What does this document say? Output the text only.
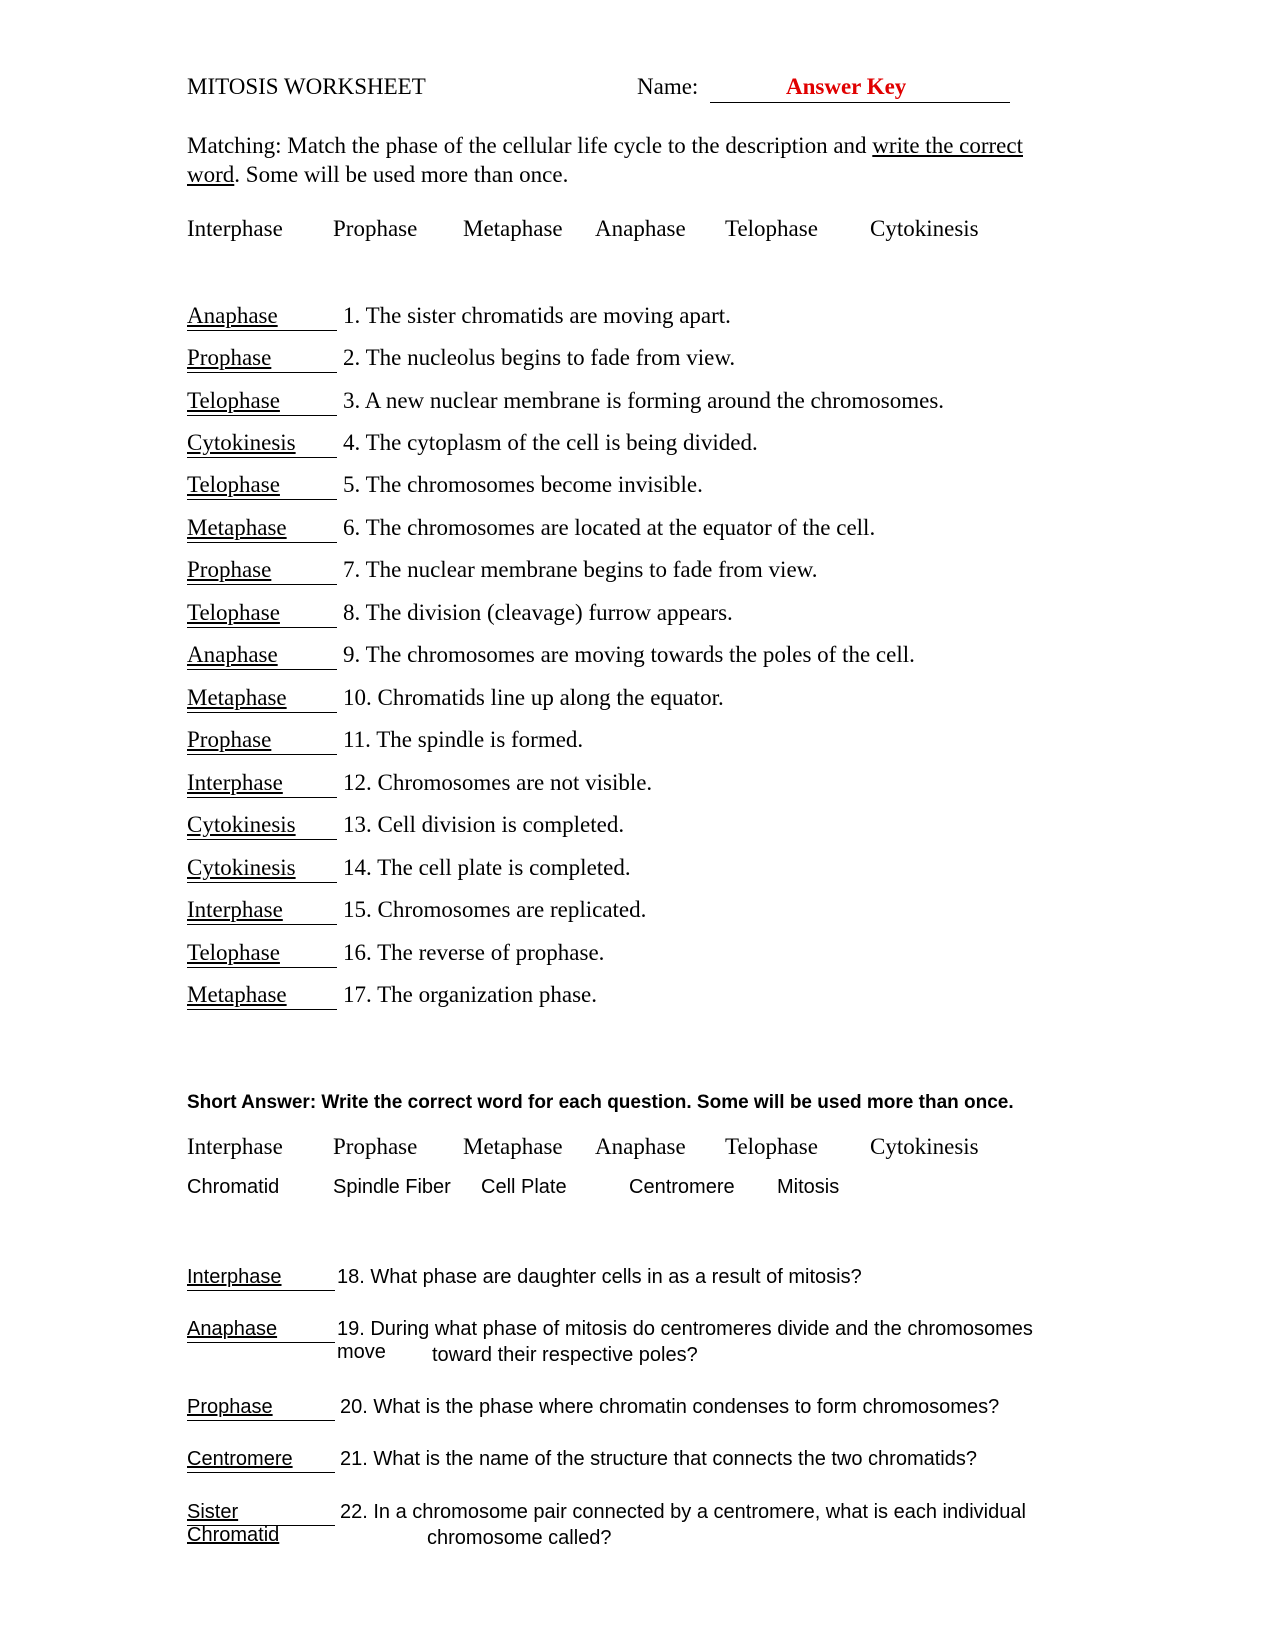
MITOSIS WORKSHEET	Name:	Answer Key
Matching: Match the phase of the cellular life cycle to the description and write the correct word. Some will be used more than once.
Interphase Prophase Metaphase Anaphase Telophase Cytokinesis
Anaphase	1. The sister chromatids are moving apart.
Prophase	2. The nucleolus begins to fade from view.
Telophase	3. A new nuclear membrane is forming around the chromosomes.
Cytokinesis 4. The cytoplasm of the cell is being divided.
Telophase	5. The chromosomes become invisible.
Metaphase 6. The chromosomes are located at the equator of the cell.
Prophase	7. The nuclear membrane begins to fade from view.
Telophase	8. The division (cleavage) furrow appears.
Anaphase	9. The chromosomes are moving towards the poles of the cell.
Metaphase 10. Chromatids line up along the equator.
Prophase	11. The spindle is formed.
Interphase	12. Chromosomes are not visible.
Cytokinesis 13. Cell division is completed.
Cytokinesis 14. The cell plate is completed.
Interphase	15. Chromosomes are replicated.
Telophase	16. The reverse of prophase.
Metaphase 17. The organization phase.
Short Answer: Write the correct word for each question. Some will be used more than once.
Interphase Prophase Metaphase Anaphase Telophase Cytokinesis
Chromatid	Spindle Fiber Cell Plate	Centromere Mitosis
Interphase	18. What phase are daughter cells in as a result of mitosis?
Anaphase	19. During what phase of mitosis do centromeres divide and the chromosomes move	toward their respective poles?
Prophase	20. What is the phase where chromatin condenses to form chromosomes?
Centromere 21. What is the name of the structure that connects the two chromatids?
Sister Chromatid
22. In a chromosome pair connected by a centromere, what is each individual
chromosome called?
